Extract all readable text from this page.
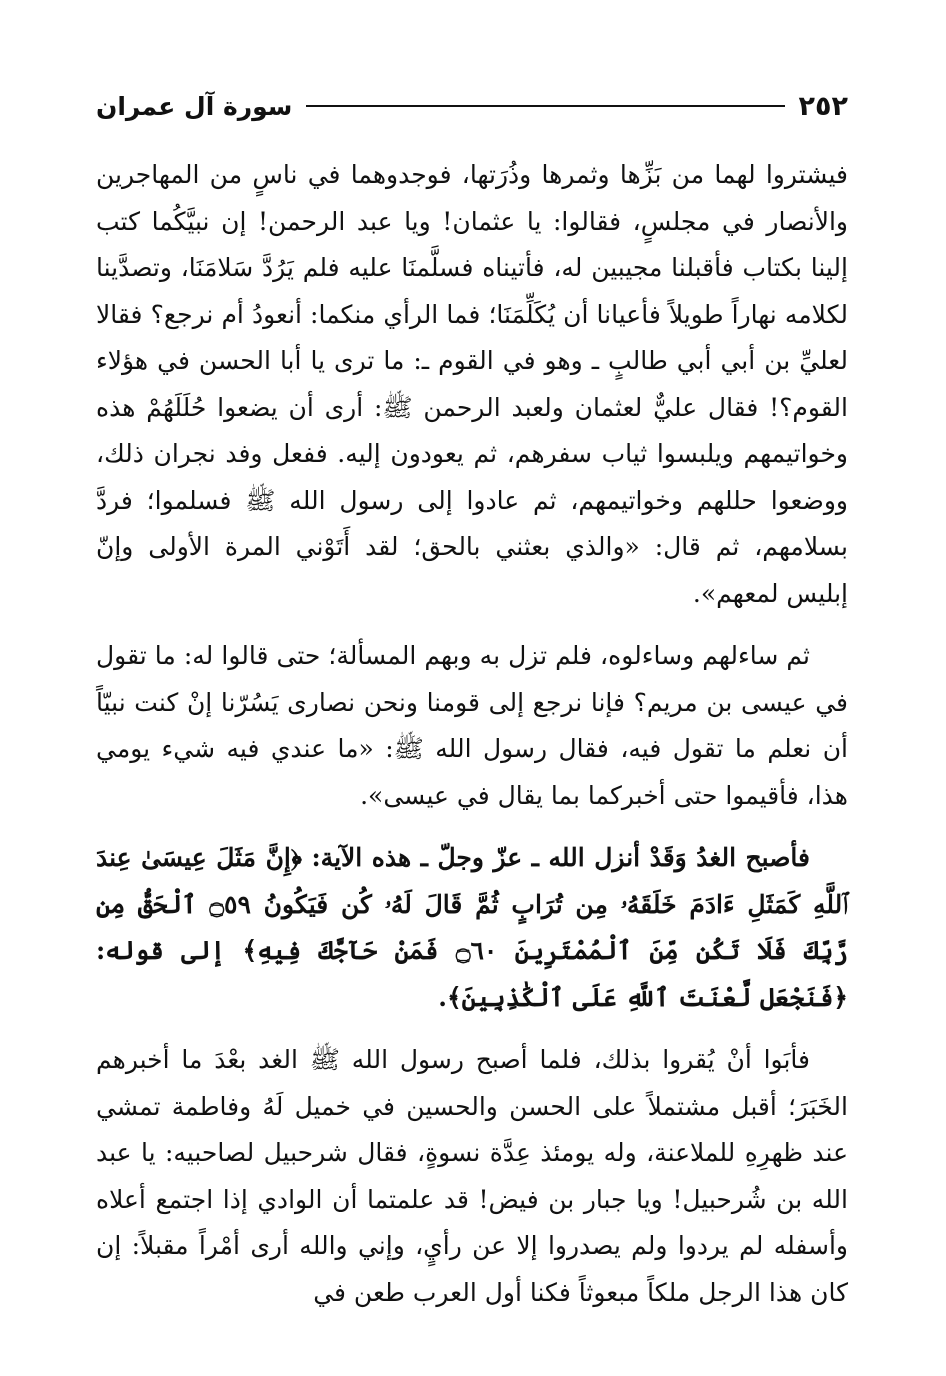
٢٥٢
سورة آل عمران

فيشتروا لهما من بَزِّها وثمرها وذُرَتها، فوجدوهما في ناسٍ من المهاجرين والأنصار في مجلسٍ، فقالوا: يا عثمان! ويا عبد الرحمن! إن نبيَّكُما كتب إلينا بكتاب فأقبلنا مجيبين له، فأتيناه فسلَّمنَا عليه فلم يَرُدَّ سَلامَنَا، وتصدَّينا لكلامه نهاراً طويلاً فأعيانا أن يُكَلِّمَنَا؛ فما الرأي منكما: أنعودُ أم نرجع؟ فقالا لعليِّ بن أبي أبي طالبٍ ـ وهو في القوم ـ: ما ترى يا أبا الحسن في هؤلاء القوم؟! فقال عليٌّ لعثمان ولعبد الرحمن ﷺ: أرى أن يضعوا حُلَلَهُمْ هذه وخواتيمهم ويلبسوا ثياب سفرهم، ثم يعودون إليه. ففعل وفد نجران ذلك، ووضعوا حللهم وخواتيمهم، ثم عادوا إلى رسول الله ﷺ فسلموا؛ فردَّ بسلامهم، ثم قال: «والذي بعثني بالحق؛ لقد أَتَوْني المرة الأولى وإنّ إبليس لمعهم».

ثم ساءلهم وساءلوه، فلم تزل به وبهم المسألة؛ حتى قالوا له: ما تقول في عيسى بن مريم؟ فإنا نرجع إلى قومنا ونحن نصارى يَسُرّنا إنْ كنت نبيّاً أن نعلم ما تقول فيه، فقال رسول الله ﷺ: «ما عندي فيه شيء يومي هذا، فأقيموا حتى أخبركما بما يقال في عيسى».

فأصبح الغدُ وَقَدْ أنزل الله ـ عزّ وجلّ ـ هذه الآية: ﴿إِنَّ مَثَلَ عِيسَىٰ عِندَ ٱللَّهِ كَمَثَلِ ءَادَمَ خَلَقَهُۥ مِن تُرَابٍ ثُمَّ قَالَ لَهُۥ كُن فَيَكُونُ ۝٥٩ ٱلْحَقُّ مِن رَّبِّكَ فَلَا تَكُن مِّنَ ٱلْمُمْتَرِينَ ۝٦٠ فَمَنْ حَآجَّكَ فِيهِ﴾ إلى قوله: ﴿فَنَجْعَل لَّعْنَتَ ٱللَّهِ عَلَى ٱلْكَٰذِبِينَ﴾.

فأبَوا أنْ يُقروا بذلك، فلما أصبح رسول الله ﷺ الغد بعْدَ ما أخبرهم الخَبَرَ؛ أقبل مشتملاً على الحسن والحسين في خميل لَهُ وفاطمة تمشي عند ظهرِهِ للملاعنة، وله يومئذ عِدَّة نسوةٍ، فقال شرحبيل لصاحبيه: يا عبد الله بن شُرحبيل! ويا جبار بن فيض! قد علمتما أن الوادي إذا اجتمع أعلاه وأسفله لم يردوا ولم يصدروا إلا عن رأيٍ، وإني والله أرى أمْراً مقبلاً: إن كان هذا الرجل ملكاً مبعوثاً فكنا أول العرب طعن في
